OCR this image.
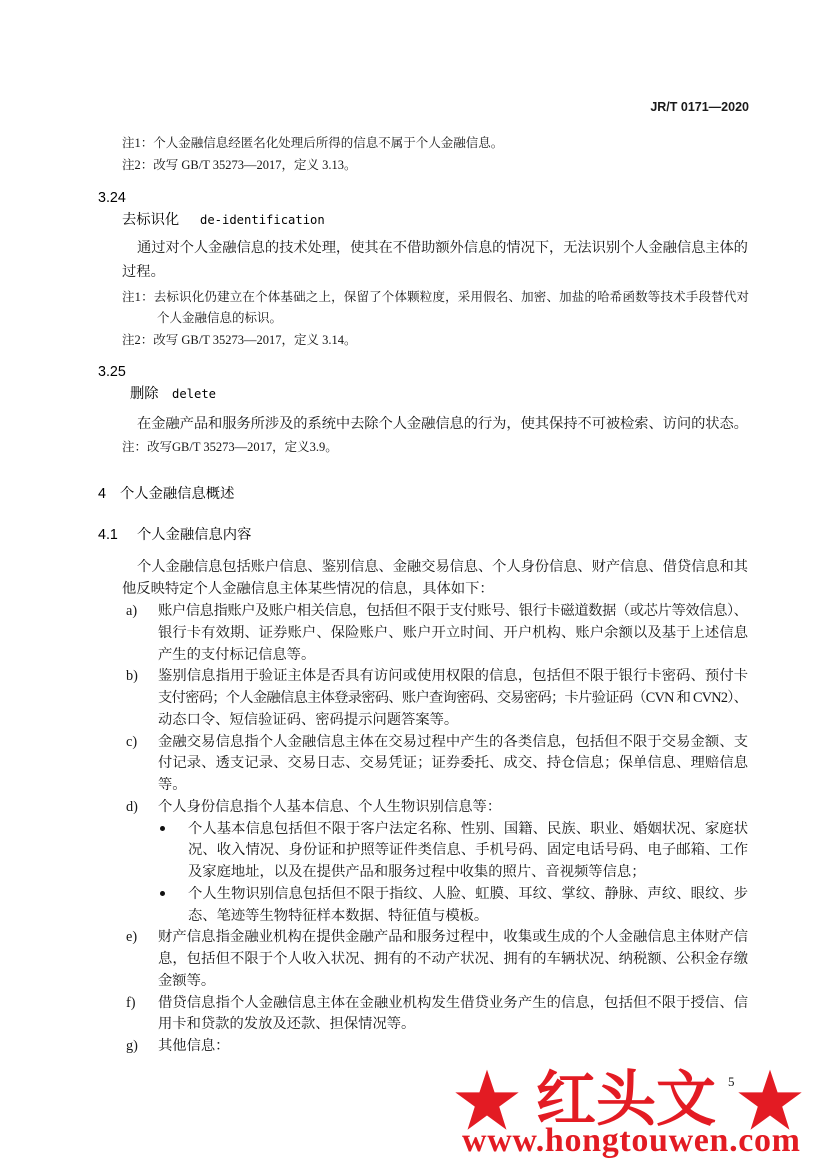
JR/T 0171—2020
注1：个人金融信息经匿名化处理后所得的信息不属于个人金融信息。
注2：改写 GB/T 35273—2017，定义 3.13。
3.24
去标识化 de-identification
通过对个人金融信息的技术处理，使其在不借助额外信息的情况下，无法识别个人金融信息主体的
过程。
注1：去标识化仍建立在个体基础之上，保留了个体颗粒度，采用假名、加密、加盐的哈希函数等技术手段替代对
个人金融信息的标识。
注2：改写 GB/T 35273—2017，定义 3.14。
3.25
删除 delete
在金融产品和服务所涉及的系统中去除个人金融信息的行为，使其保持不可被检索、访问的状态。
注：改写GB/T 35273—2017，定义3.9。
4 个人金融信息概述
4.1 个人金融信息内容
个人金融信息包括账户信息、鉴别信息、金融交易信息、个人身份信息、财产信息、借贷信息和其
他反映特定个人金融信息主体某些情况的信息，具体如下：
a) 账户信息指账户及账户相关信息，包括但不限于支付账号、银行卡磁道数据（或芯片等效信息）、
银行卡有效期、证券账户、保险账户、账户开立时间、开户机构、账户余额以及基于上述信息
产生的支付标记信息等。
b) 鉴别信息指用于验证主体是否具有访问或使用权限的信息，包括但不限于银行卡密码、预付卡
支付密码；个人金融信息主体登录密码、账户查询密码、交易密码；卡片验证码（CVN 和 CVN2）、
动态口令、短信验证码、密码提示问题答案等。
c) 金融交易信息指个人金融信息主体在交易过程中产生的各类信息，包括但不限于交易金额、支
付记录、透支记录、交易日志、交易凭证；证券委托、成交、持仓信息；保单信息、理赔信息
等。
d) 个人身份信息指个人基本信息、个人生物识别信息等：
个人基本信息包括但不限于客户法定名称、性别、国籍、民族、职业、婚姻状况、家庭状
况、收入情况、身份证和护照等证件类信息、手机号码、固定电话号码、电子邮箱、工作
及家庭地址，以及在提供产品和服务过程中收集的照片、音视频等信息；
个人生物识别信息包括但不限于指纹、人脸、虹膜、耳纹、掌纹、静脉、声纹、眼纹、步
态、笔迹等生物特征样本数据、特征值与模板。
e) 财产信息指金融业机构在提供金融产品和服务过程中，收集或生成的个人金融信息主体财产信
息，包括但不限于个人收入状况、拥有的不动产状况、拥有的车辆状况、纳税额、公积金存缴
金额等。
f) 借贷信息指个人金融信息主体在金融业机构发生借贷业务产生的信息，包括但不限于授信、信
用卡和贷款的发放及还款、担保情况等。
g) 其他信息：
红头文
www.hongtouwen.com
5
